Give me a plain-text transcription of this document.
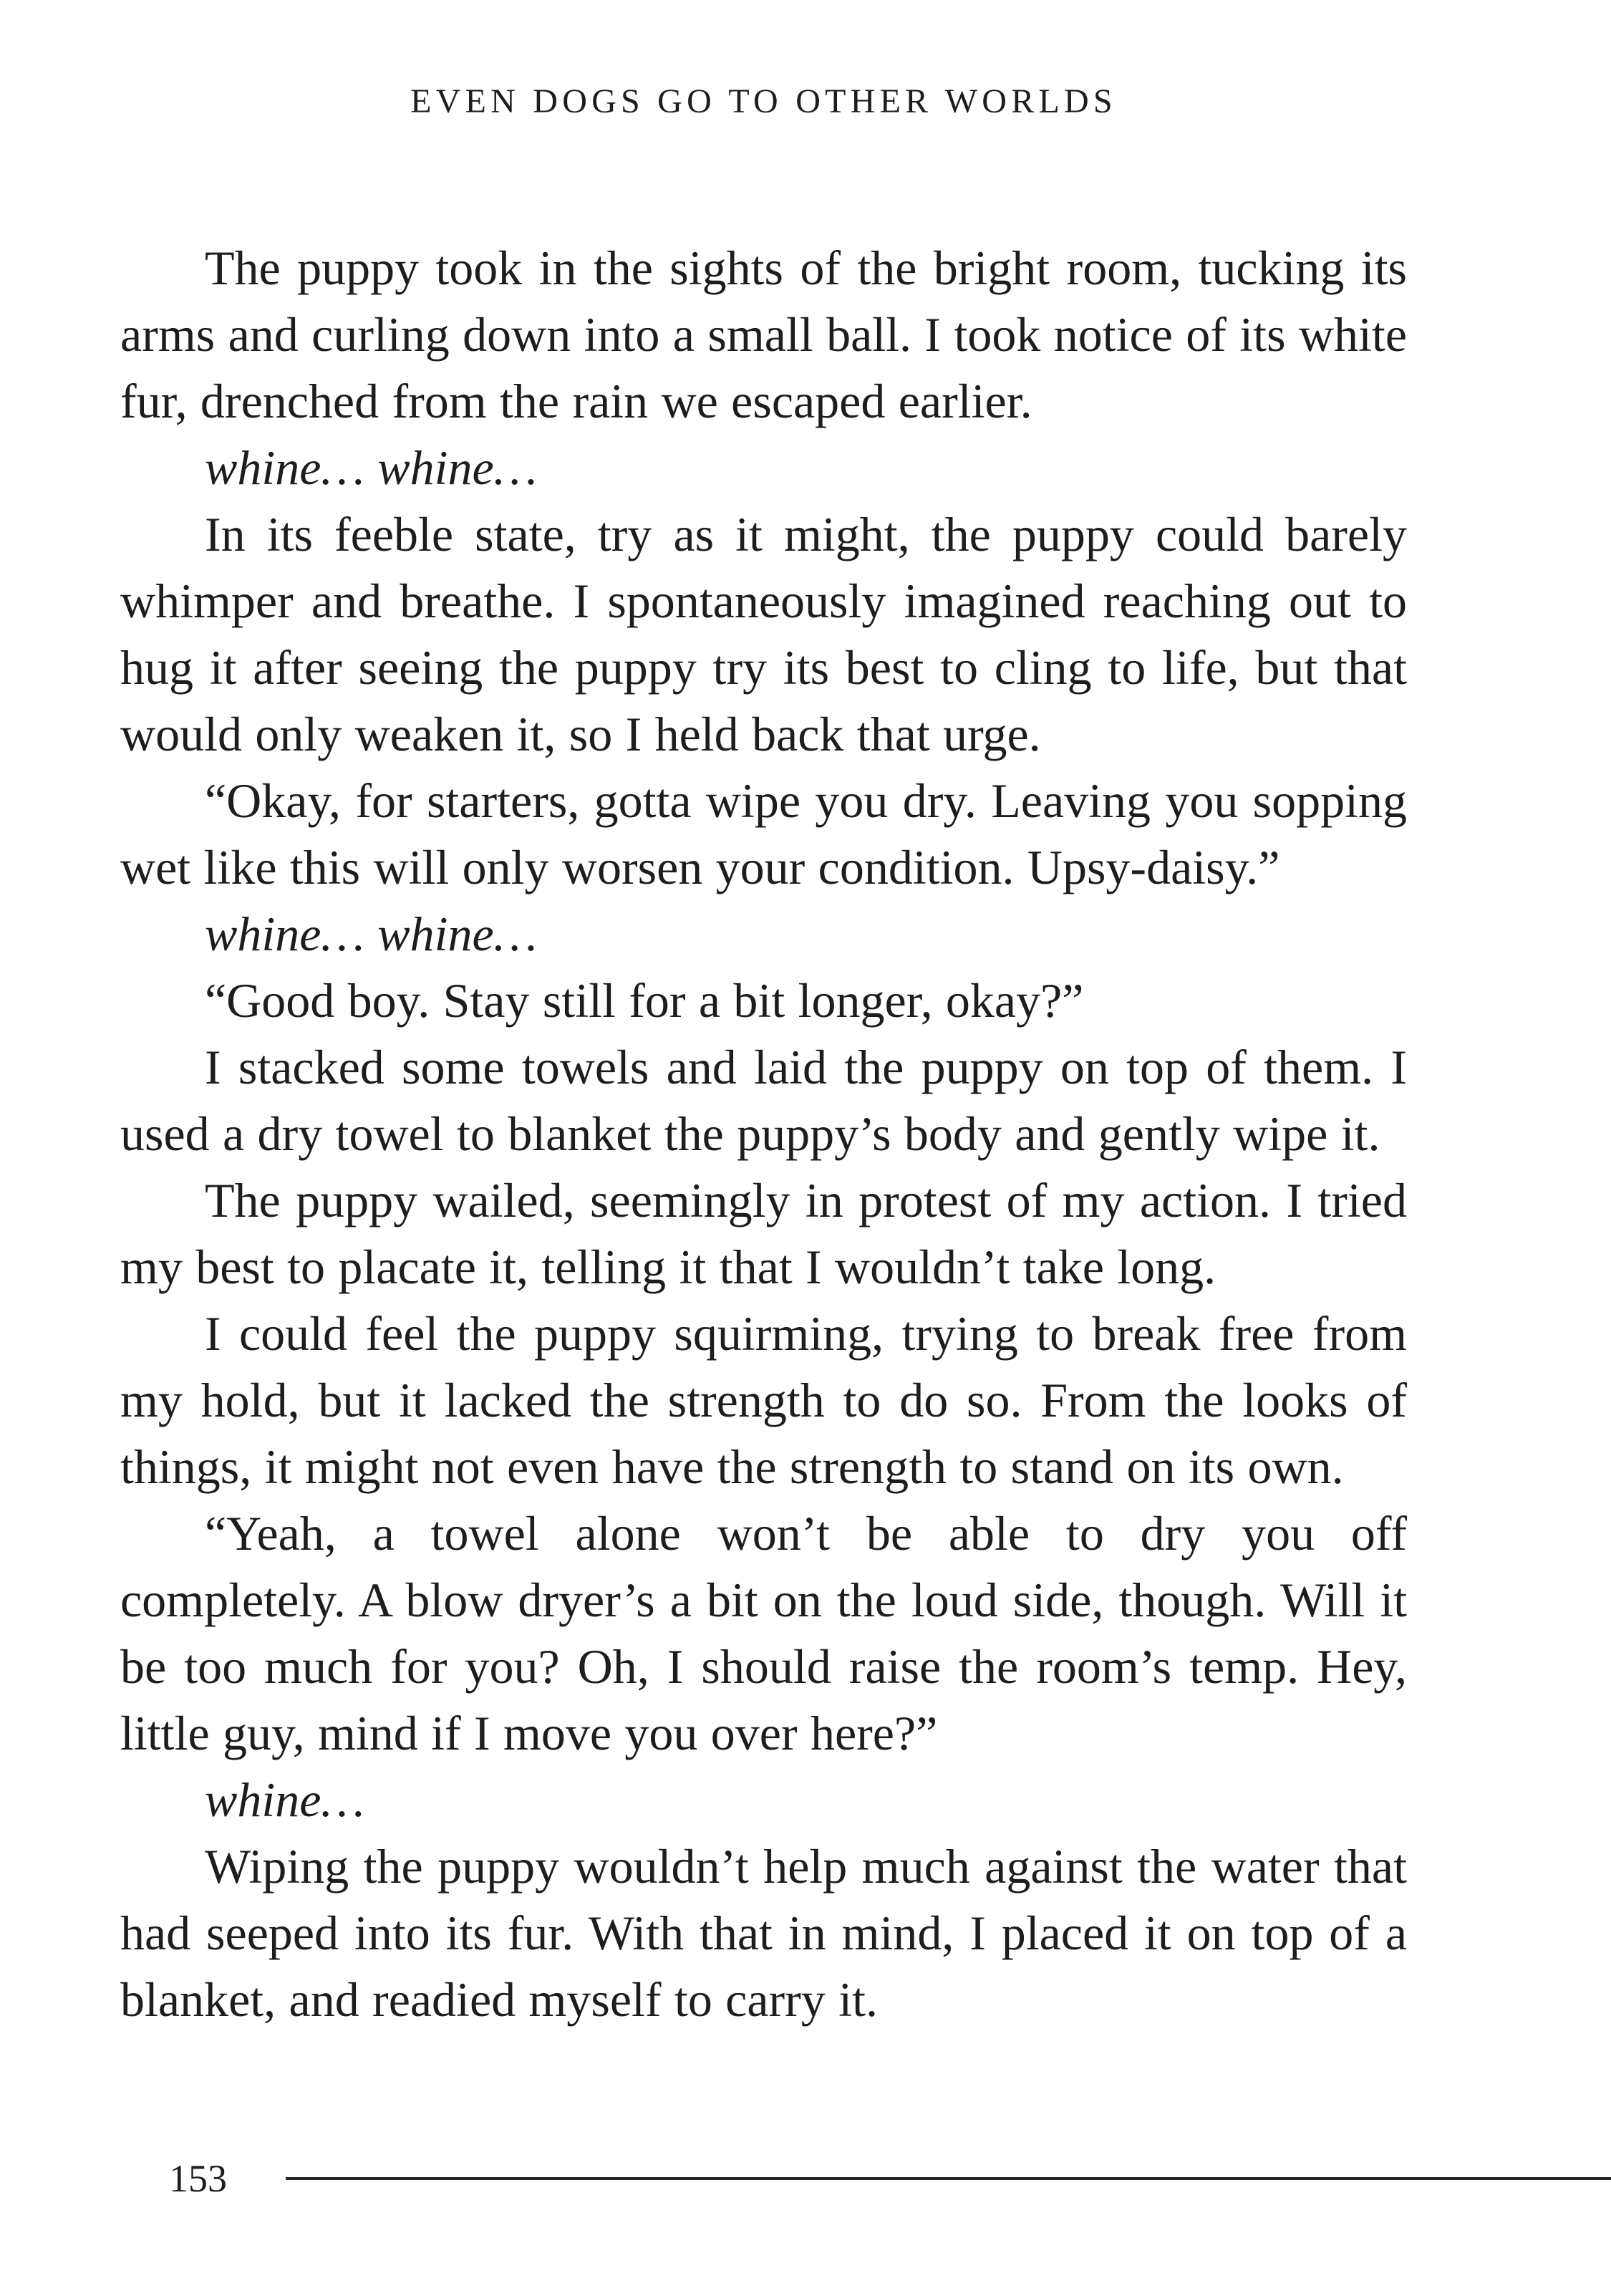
EVEN DOGS GO TO OTHER WORLDS

The puppy took in the sights of the bright room, tucking its arms and curling down into a small ball. I took notice of its white fur, drenched from the rain we escaped earlier.

whine… whine…

In its feeble state, try as it might, the puppy could barely whimper and breathe. I spontaneously imagined reaching out to hug it after seeing the puppy try its best to cling to life, but that would only weaken it, so I held back that urge.

“Okay, for starters, gotta wipe you dry. Leaving you sopping wet like this will only worsen your condition. Upsy-daisy.”

whine… whine…

“Good boy. Stay still for a bit longer, okay?”

I stacked some towels and laid the puppy on top of them. I used a dry towel to blanket the puppy’s body and gently wipe it.

The puppy wailed, seemingly in protest of my action. I tried my best to placate it, telling it that I wouldn’t take long.

I could feel the puppy squirming, trying to break free from my hold, but it lacked the strength to do so. From the looks of things, it might not even have the strength to stand on its own.

“Yeah, a towel alone won’t be able to dry you off completely. A blow dryer’s a bit on the loud side, though. Will it be too much for you? Oh, I should raise the room’s temp. Hey, little guy, mind if I move you over here?”

whine…

Wiping the puppy wouldn’t help much against the water that had seeped into its fur. With that in mind, I placed it on top of a blanket, and readied myself to carry it.

153
